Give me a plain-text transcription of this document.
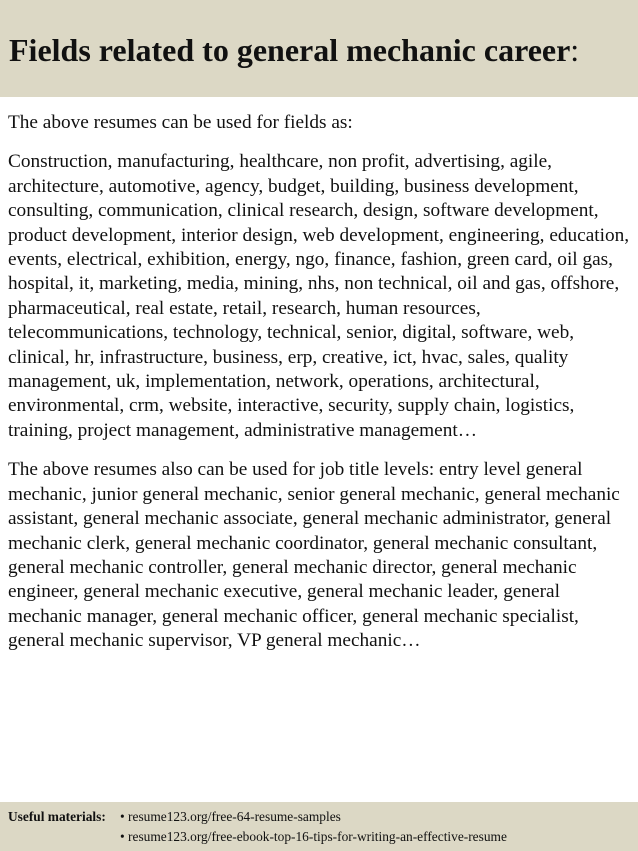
Fields related to general mechanic career:

The above resumes can be used for fields as:

Construction, manufacturing, healthcare, non profit, advertising, agile, architecture, automotive, agency, budget, building, business development, consulting, communication, clinical research, design, software development, product development, interior design, web development, engineering, education, events, electrical, exhibition, energy, ngo, finance, fashion, green card, oil gas, hospital, it, marketing, media, mining, nhs, non technical, oil and gas, offshore, pharmaceutical, real estate, retail, research, human resources, telecommunications, technology, technical, senior, digital, software, web, clinical, hr, infrastructure, business, erp, creative, ict, hvac, sales, quality management, uk, implementation, network, operations, architectural, environmental, crm, website, interactive, security, supply chain, logistics, training, project management, administrative management…

The above resumes also can be used for job title levels: entry level general mechanic, junior general mechanic, senior general mechanic, general mechanic assistant, general mechanic associate, general mechanic administrator, general mechanic clerk, general mechanic coordinator, general mechanic consultant, general mechanic controller, general mechanic director, general mechanic engineer, general mechanic executive, general mechanic leader, general mechanic manager, general mechanic officer, general mechanic specialist, general mechanic supervisor, VP general mechanic…

Useful materials: • resume123.org/free-64-resume-samples
• resume123.org/free-ebook-top-16-tips-for-writing-an-effective-resume
